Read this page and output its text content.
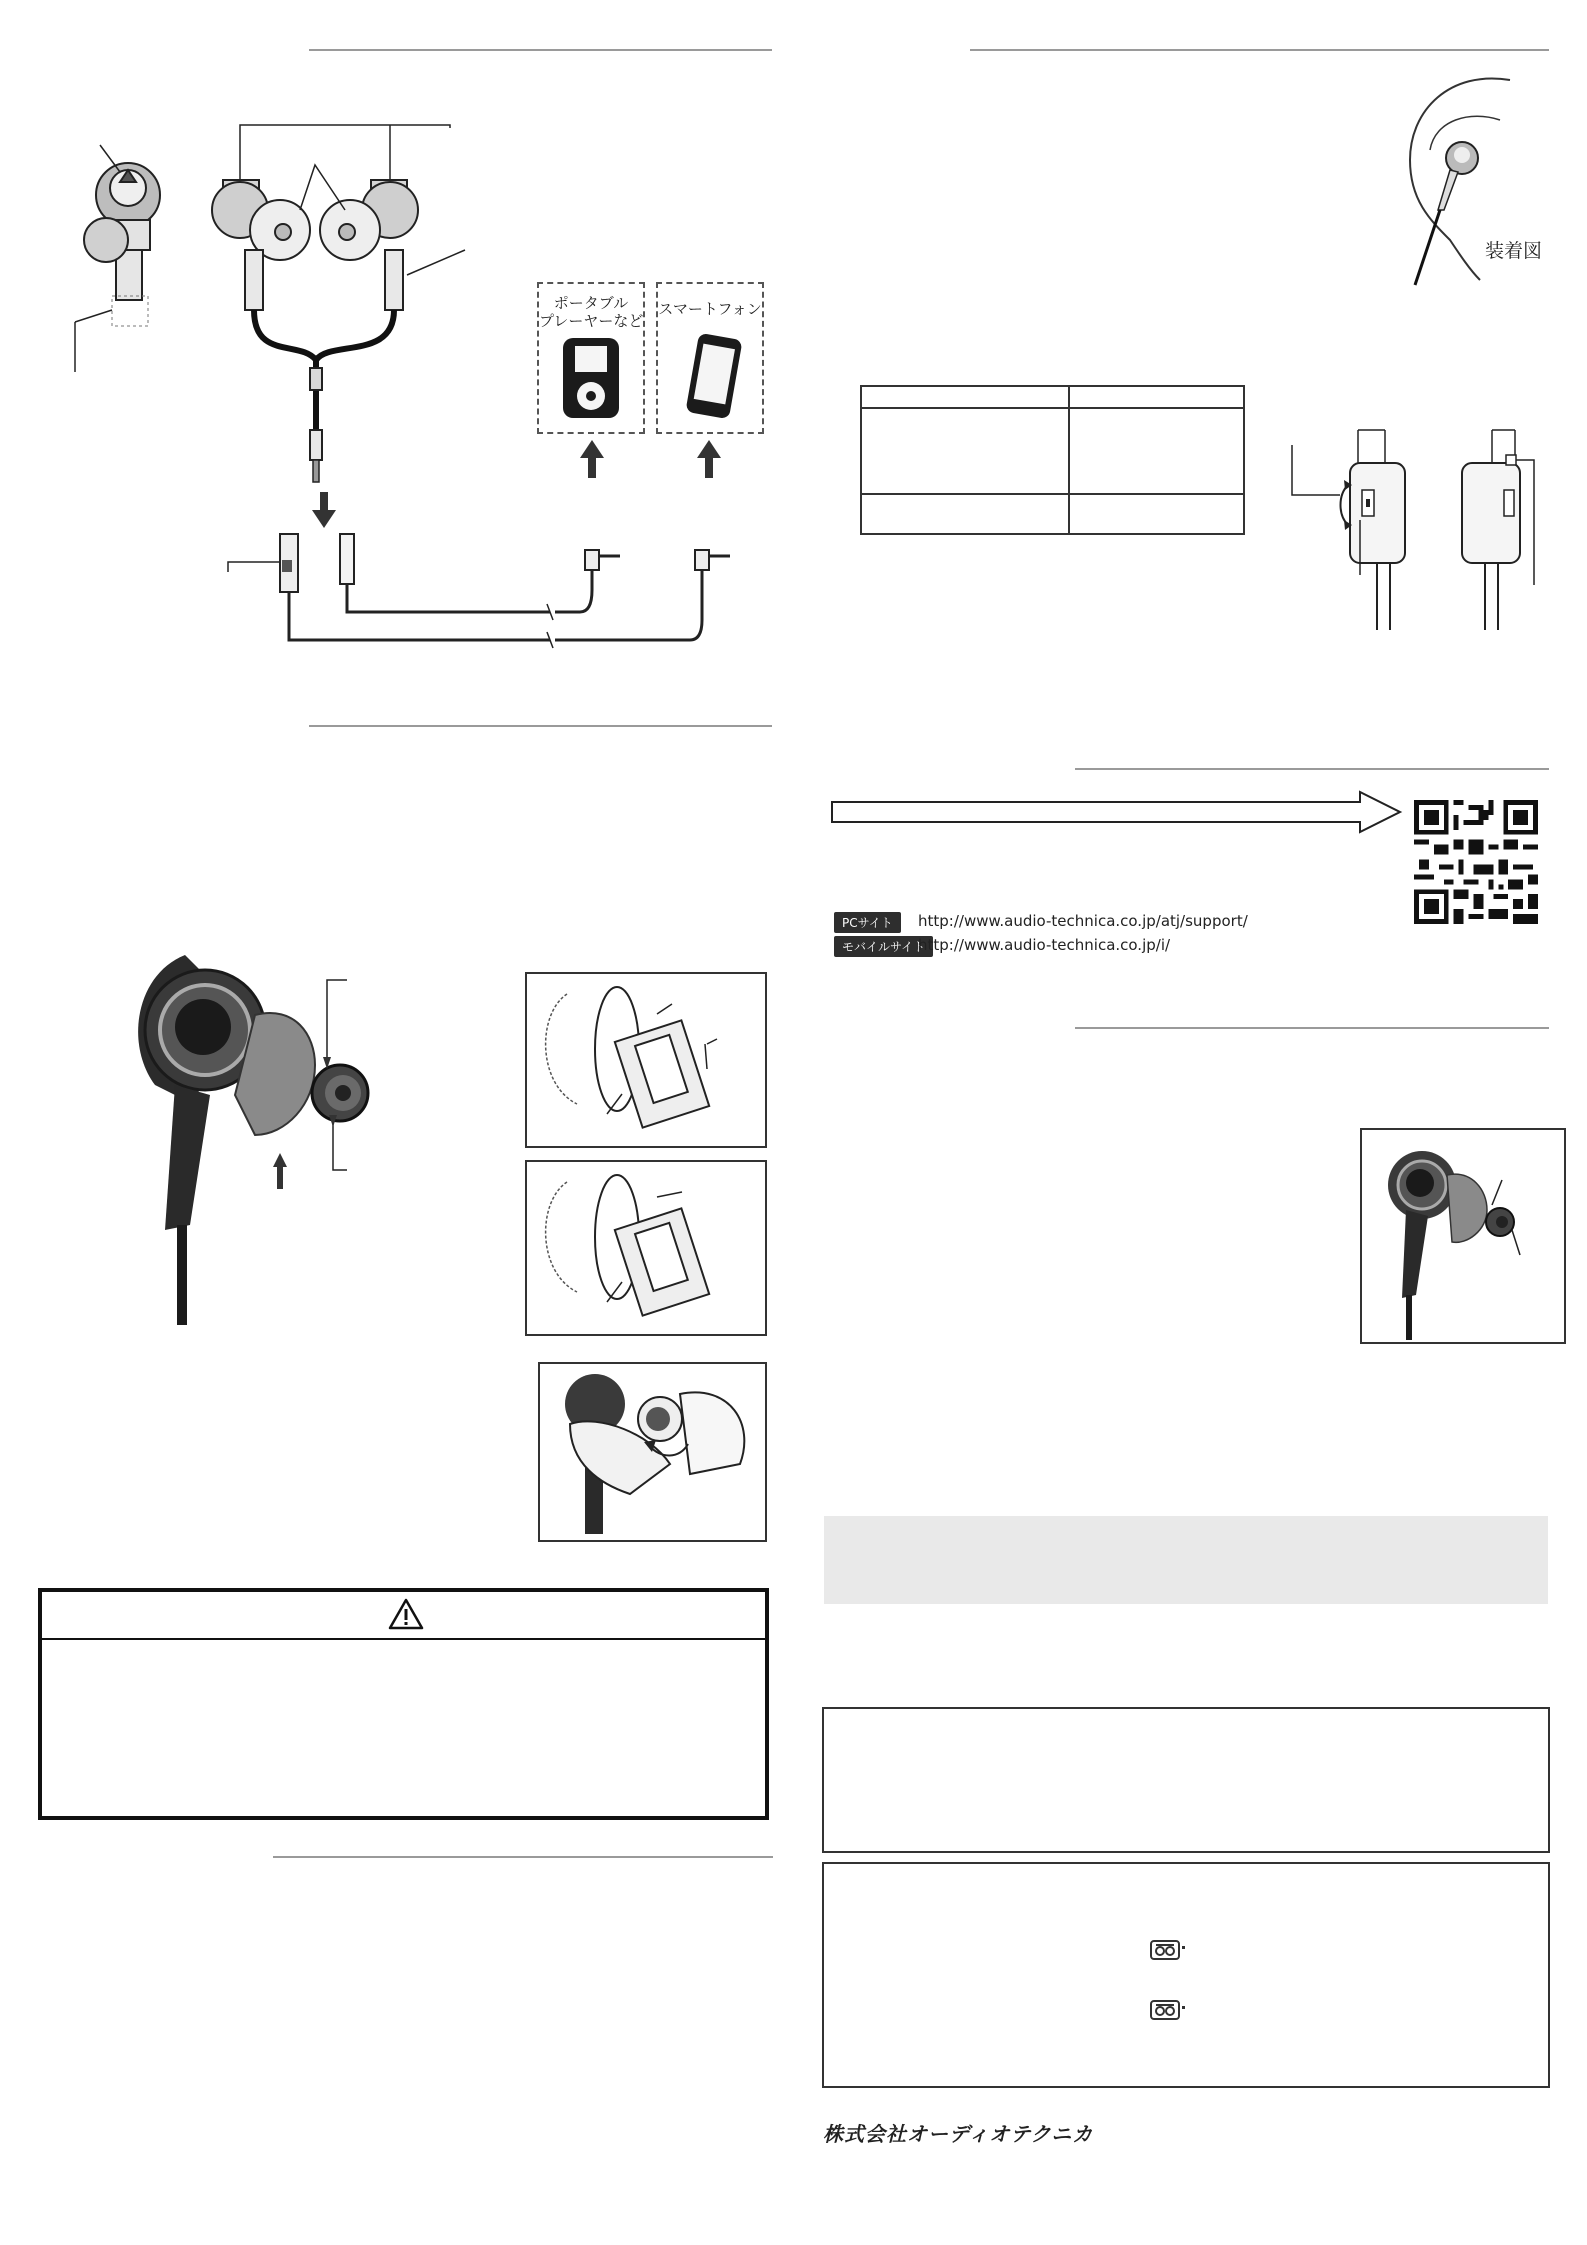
ポータブル
プレーヤーなど
スマートフォン
装着図

PCサイト	http://www.audio-technica.co.jp/atj/support/
モバイルサイト
http://www.audio-technica.co.jp/i/
株式会社オーディオテクニカ
